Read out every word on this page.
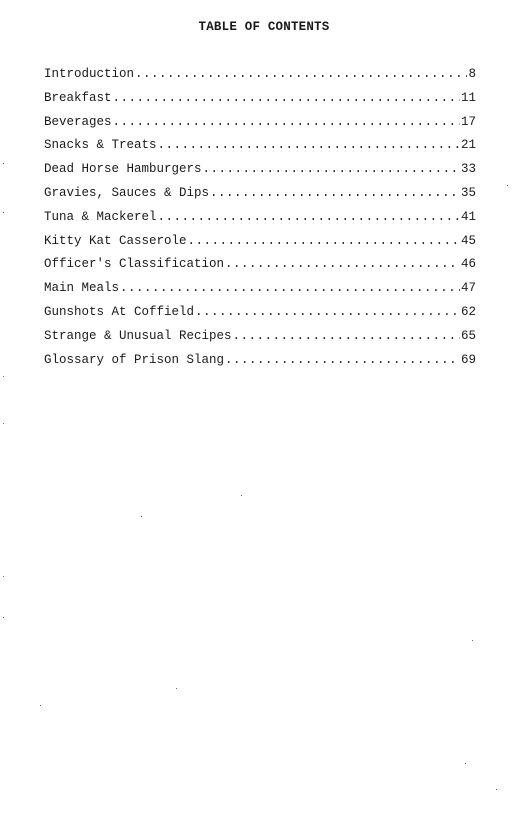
TABLE OF CONTENTS
Introduction .....	8
Breakfast .....	11
Beverages .....	17
Snacks & Treats .....	21
Dead Horse Hamburgers .....	33
Gravies, Sauces & Dips .....	35
Tuna & Mackerel .....	41
Kitty Kat Casserole .....	45
Officer's Classification .....	46
Main Meals .....	47
Gunshots At Coffield .....	62
Strange & Unusual Recipes .....	65
Glossary of Prison Slang .....	69
